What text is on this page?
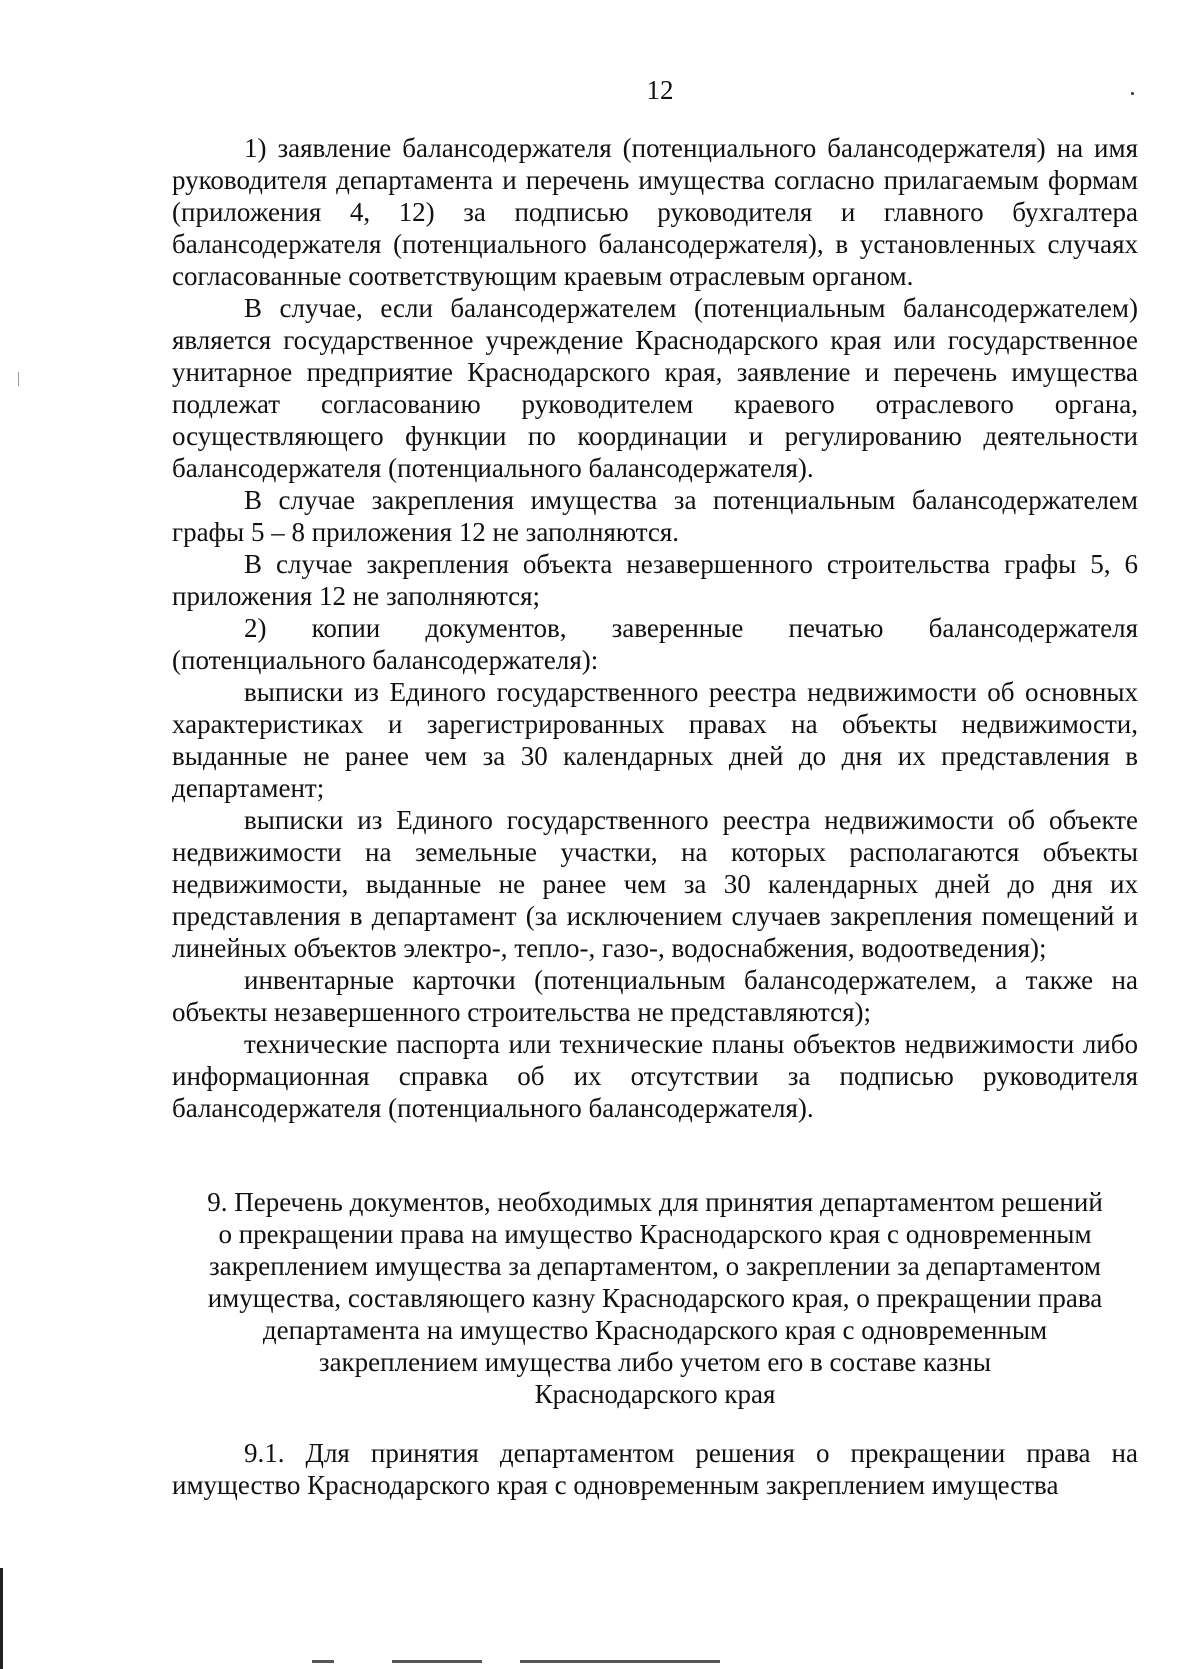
12

1) заявление балансодержателя (потенциального балансодержателя) на имя руководителя департамента и перечень имущества согласно прилагаемым формам (приложения 4, 12) за подписью руководителя и главного бухгалтера балансодержателя (потенциального балансодержателя), в установленных случаях согласованные соответствующим краевым отраслевым органом.

В случае, если балансодержателем (потенциальным балансодержателем) является государственное учреждение Краснодарского края или государственное унитарное предприятие Краснодарского края, заявление и перечень имущества подлежат согласованию руководителем краевого отраслевого органа, осуществляющего функции по координации и регулированию деятельности балансодержателя (потенциального балансодержателя).

В случае закрепления имущества за потенциальным балансодержателем графы 5 – 8 приложения 12 не заполняются.

В случае закрепления объекта незавершенного строительства графы 5, 6 приложения 12 не заполняются;

2) копии документов, заверенные печатью балансодержателя (потенциального балансодержателя):

выписки из Единого государственного реестра недвижимости об основных характеристиках и зарегистрированных правах на объекты недвижимости, выданные не ранее чем за 30 календарных дней до дня их представления в департамент;

выписки из Единого государственного реестра недвижимости об объекте недвижимости на земельные участки, на которых располагаются объекты недвижимости, выданные не ранее чем за 30 календарных дней до дня их представления в департамент (за исключением случаев закрепления помещений и линейных объектов электро-, тепло-, газо-, водоснабжения, водоотведения);

инвентарные карточки (потенциальным балансодержателем, а также на объекты незавершенного строительства не представляются);

технические паспорта или технические планы объектов недвижимости либо информационная справка об их отсутствии за подписью руководителя балансодержателя (потенциального балансодержателя).

9. Перечень документов, необходимых для принятия департаментом решений

о прекращении права на имущество Краснодарского края с одновременным

закреплением имущества за департаментом, о закреплении за департаментом

имущества, составляющего казну Краснодарского края, о прекращении права

департамента на имущество Краснодарского края с одновременным

закреплением имущества либо учетом его в составе казны

Краснодарского края

9.1. Для принятия департаментом решения о прекращении права на имущество Краснодарского края с одновременным закреплением имущества
